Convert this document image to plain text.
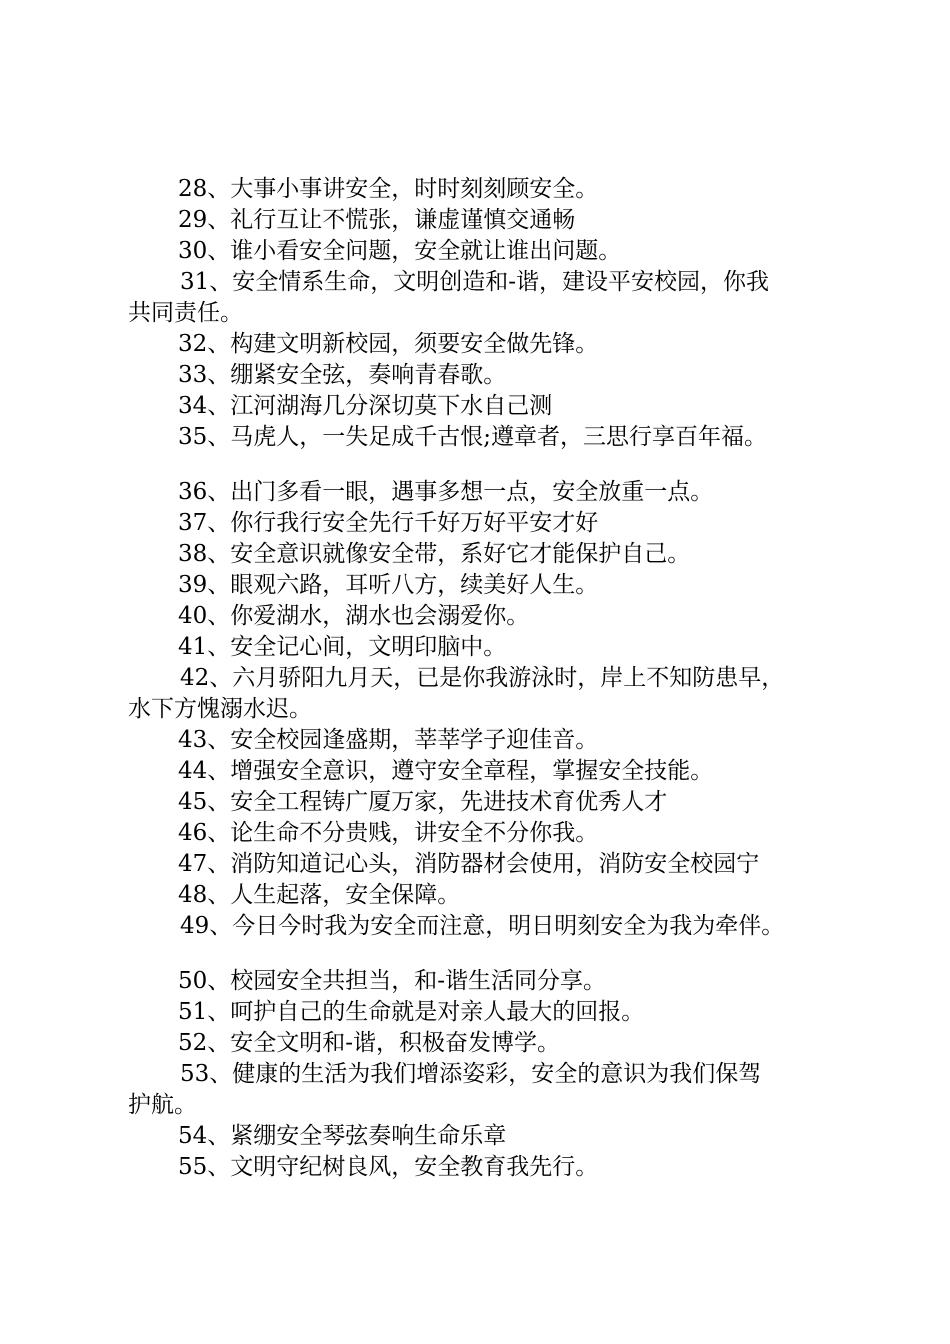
28、大事小事讲安全，时时刻刻顾安全。
29、礼行互让不慌张，谦虚谨慎交通畅
30、谁小看安全问题，安全就让谁出问题。
31、安全情系生命，文明创造和-谐，建设平安校园，你我
共同责任。
32、构建文明新校园，须要安全做先锋。
33、绷紧安全弦，奏响青春歌。
34、江河湖海几分深切莫下水自己测
35、马虎人，一失足成千古恨;遵章者，三思行享百年福。
36、出门多看一眼，遇事多想一点，安全放重一点。
37、你行我行安全先行千好万好平安才好
38、安全意识就像安全带，系好它才能保护自己。
39、眼观六路，耳听八方，续美好人生。
40、你爱湖水，湖水也会溺爱你。
41、安全记心间，文明印脑中。
42、六月骄阳九月天，已是你我游泳时，岸上不知防患早，
水下方愧溺水迟。
43、安全校园逢盛期，莘莘学子迎佳音。
44、增强安全意识，遵守安全章程，掌握安全技能。
45、安全工程铸广厦万家，先进技术育优秀人才
46、论生命不分贵贱，讲安全不分你我。
47、消防知道记心头，消防器材会使用，消防安全校园宁
48、人生起落，安全保障。
49、今日今时我为安全而注意，明日明刻安全为我为牵伴。
50、校园安全共担当，和-谐生活同分享。
51、呵护自己的生命就是对亲人最大的回报。
52、安全文明和-谐，积极奋发博学。
53、健康的生活为我们增添姿彩，安全的意识为我们保驾
护航。
54、紧绷安全琴弦奏响生命乐章
55、文明守纪树良风，安全教育我先行。
